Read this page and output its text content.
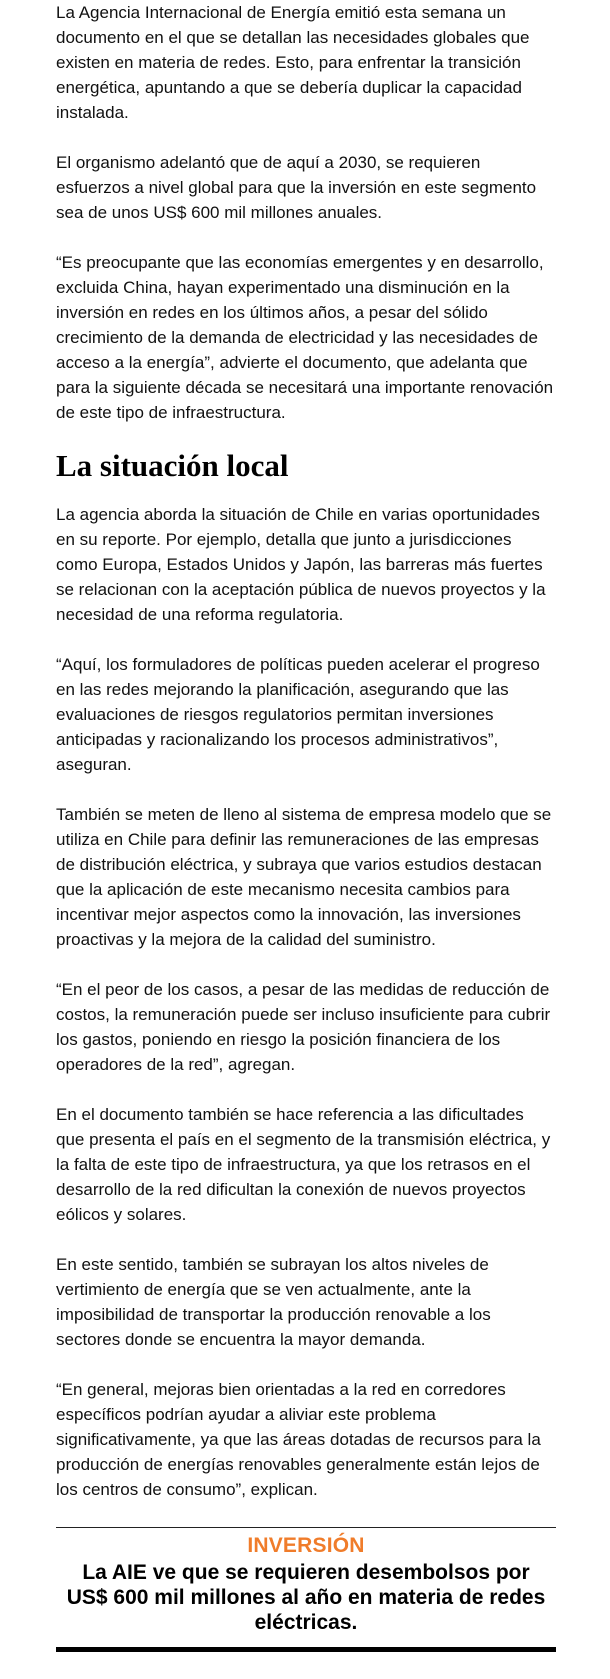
La Agencia Internacional de Energía emitió esta semana un documento en el que se detallan las necesidades globales que existen en materia de redes. Esto, para enfrentar la transición energética, apuntando a que se debería duplicar la capacidad instalada.

El organismo adelantó que de aquí a 2030, se requieren esfuerzos a nivel global para que la inversión en este segmento sea de unos US$ 600 mil millones anuales.

“Es preocupante que las economías emergentes y en desarrollo, excluida China, hayan experimentado una disminución en la inversión en redes en los últimos años, a pesar del sólido crecimiento de la demanda de electricidad y las necesidades de acceso a la energía”, advierte el documento, que adelanta que para la siguiente década se necesitará una importante renovación de este tipo de infraestructura.

La situación local

La agencia aborda la situación de Chile en varias oportunidades en su reporte. Por ejemplo, detalla que junto a jurisdicciones como Europa, Estados Unidos y Japón, las barreras más fuertes se relacionan con la aceptación pública de nuevos proyectos y la necesidad de una reforma regulatoria.

“Aquí, los formuladores de políticas pueden acelerar el progreso en las redes mejorando la planificación, asegurando que las evaluaciones de riesgos regulatorios permitan inversiones anticipadas y racionalizando los procesos administrativos”, aseguran.

También se meten de lleno al sistema de empresa modelo que se utiliza en Chile para definir las remuneraciones de las empresas de distribución eléctrica, y subraya que varios estudios destacan que la aplicación de este mecanismo necesita cambios para incentivar mejor aspectos como la innovación, las inversiones proactivas y la mejora de la calidad del suministro.

“En el peor de los casos, a pesar de las medidas de reducción de costos, la remuneración puede ser incluso insuficiente para cubrir los gastos, poniendo en riesgo la posición financiera de los operadores de la red”, agregan.

En el documento también se hace referencia a las dificultades que presenta el país en el segmento de la transmisión eléctrica, y la falta de este tipo de infraestructura, ya que los retrasos en el desarrollo de la red dificultan la conexión de nuevos proyectos eólicos y solares.

En este sentido, también se subrayan los altos niveles de vertimiento de energía que se ven actualmente, ante la imposibilidad de transportar la producción renovable a los sectores donde se encuentra la mayor demanda.

“En general, mejoras bien orientadas a la red en corredores específicos podrían ayudar a aliviar este problema significativamente, ya que las áreas dotadas de recursos para la producción de energías renovables generalmente están lejos de los centros de consumo”, explican.

INVERSIÓN
La AIE ve que se requieren desembolsos por US$ 600 mil millones al año en materia de redes eléctricas.
